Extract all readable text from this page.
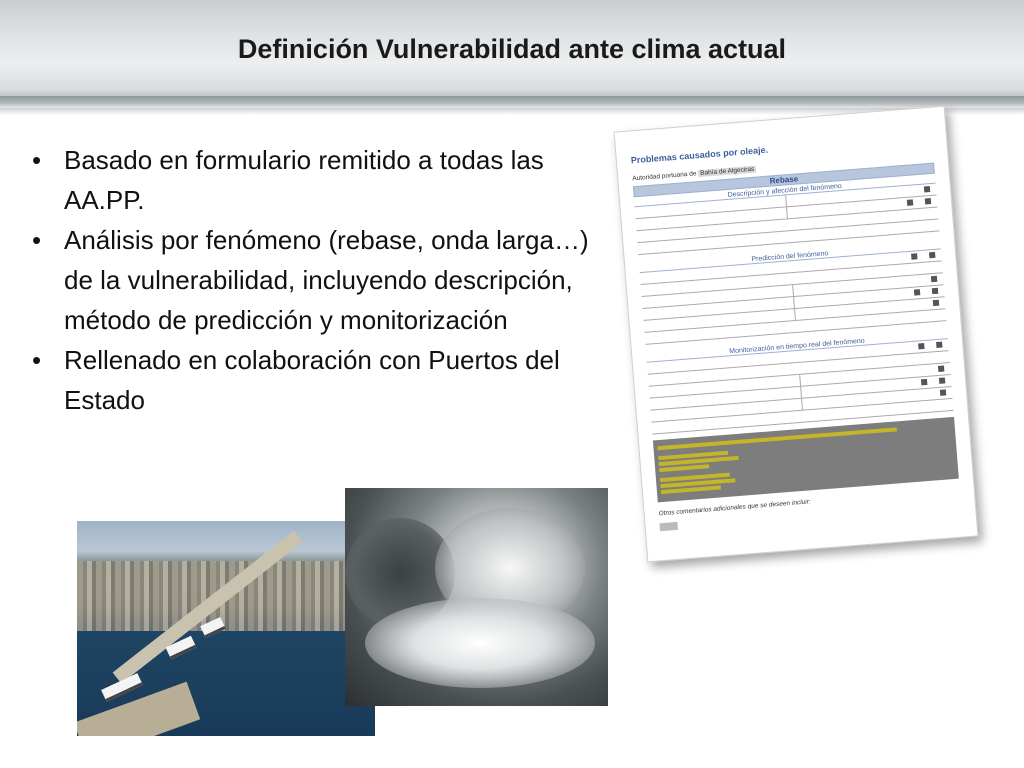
Definición Vulnerabilidad ante clima actual
• Basado en formulario remitido a todas las AA.PP.
• Análisis por fenómeno (rebase, onda larga…) de la vulnerabilidad, incluyendo descripción, método de predicción y monitorización
• Rellenado en colaboración con Puertos del Estado
Problemas causados por oleaje.
Autoridad portuaria de Bahía de Algeciras
Rebase
Descripción y afección del fenómeno
Predicción del fenómeno
Monitorización en tiempo real del fenómeno
Otros comentarios adicionales que se deseen incluir:
